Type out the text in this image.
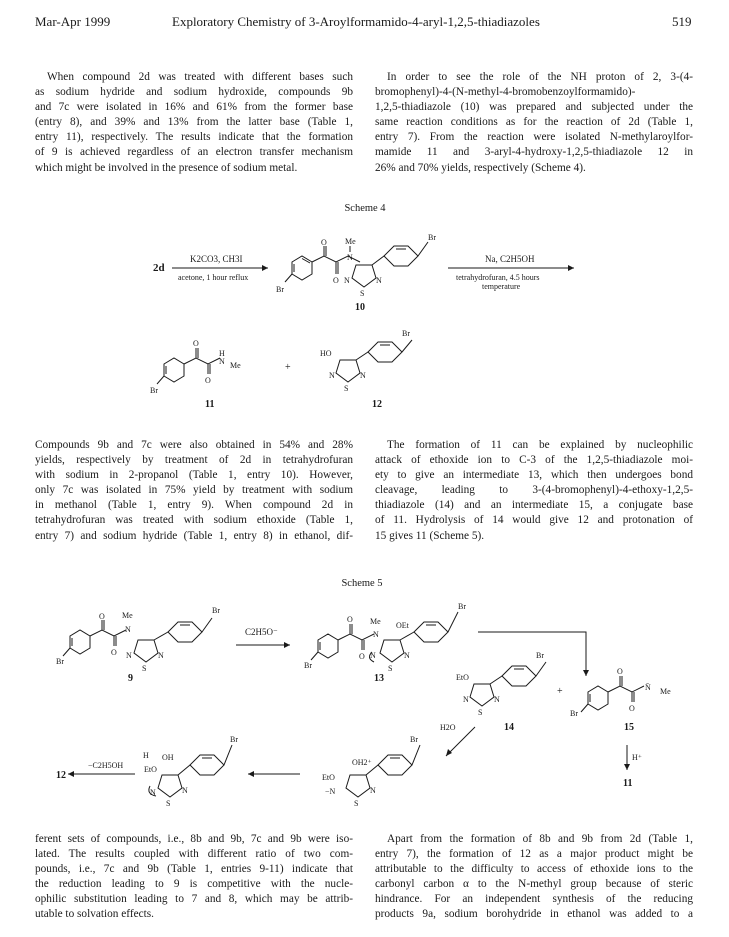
Mar-Apr 1999	Exploratory Chemistry of 3-Aroylformamido-4-aryl-1,2,5-thiadiazoles	519
When compound 2d was treated with different bases such
as sodium hydride and sodium hydroxide, compounds 9b
and 7c were isolated in 16% and 61% from the former base
(entry 8), and 39% and 13% from the latter base (Table 1,
entry 11), respectively. The results indicate that the formation
of 9 is achieved regardless of an electron transfer mechanism
which might be involved in the presence of sodium metal.
In order to see the role of the NH proton of 2, 3-(4-
bromophenyl)-4-(N-methyl-4-bromobenzoylformamido)-
1,2,5-thiadiazole (10) was prepared and subjected under the
same reaction conditions as for the reaction of 2d (Table 1,
entry 7). From the reaction were isolated N-methylaroylfor-
mamide 11 and 3-aryl-4-hydroxy-1,2,5-thiadiazole 12 in
26% and 70% yields, respectively (Scheme 4).
Compounds 9b and 7c were also obtained in 54% and 28%
yields, respectively by treatment of 2d in tetrahydrofuran
with sodium in 2-propanol (Table 1, entry 10). However,
only 7c was isolated in 75% yield by treatment with sodium
in methanol (Table 1, entry 9). When compound 2d in
tetrahydrofuran was treated with sodium ethoxide (Table 1,
entry 7) and sodium hydride (Table 1, entry 8) in ethanol, dif-
The formation of 11 can be explained by nucleophilic
attack of ethoxide ion to C-3 of the 1,2,5-thiadiazole moi-
ety to give an intermediate 13, which then undergoes bond
cleavage, leading to 3-(4-bromophenyl)-4-ethoxy-1,2,5-
thiadiazole (14) and an intermediate 15, a conjugate base
of 11. Hydrolysis of 14 would give 12 and protonation of
15 gives 11 (Scheme 5).
ferent sets of compounds, i.e., 8b and 9b, 7c and 9b were iso-
lated. The results coupled with different ratio of two com-
pounds, i.e., 7c and 9b (Table 1, entries 9-11) indicate that
the reduction leading to 9 is competitive with the nucle-
ophilic substitution leading to 7 and 8, which may be attrib-
utable to solvation effects.
Apart from the formation of 8b and 9b from 2d (Table 1,
entry 7), the formation of 12 as a major product might be
attributable to the difficulty to access of ethoxide ions to the
carbonyl carbon α to the N-methyl group because of steric
hindrance. For an independent synthesis of the reducing
products 9a, sodium borohydride in ethanol was added to a
Scheme 4
2d
K2CO3, CH3I
acetone, 1 hour reflux
Br
O
O
N
Me
N	N
S
Br
10
Na, C2H5OH
tetrahydrofuran, 4.5 hours
temperature
Br
O
O
H
N Me
11
+
HO
N	N
S
Br
12
Br
O
O
N
Me
N	N
S
Br
9
C2H5O⁻
Br
O
O
Me
N
OEt
N	N
S
Br
13	EtO
N	N
S
Br
14
+
Br
O
O
N̄ Me
15
H⁺
11
H2O
OH2⁺
EtO
−N	N
S
Br
H OH
EtO
N	N
S
Br
−C2H5OH
12
Scheme 5
